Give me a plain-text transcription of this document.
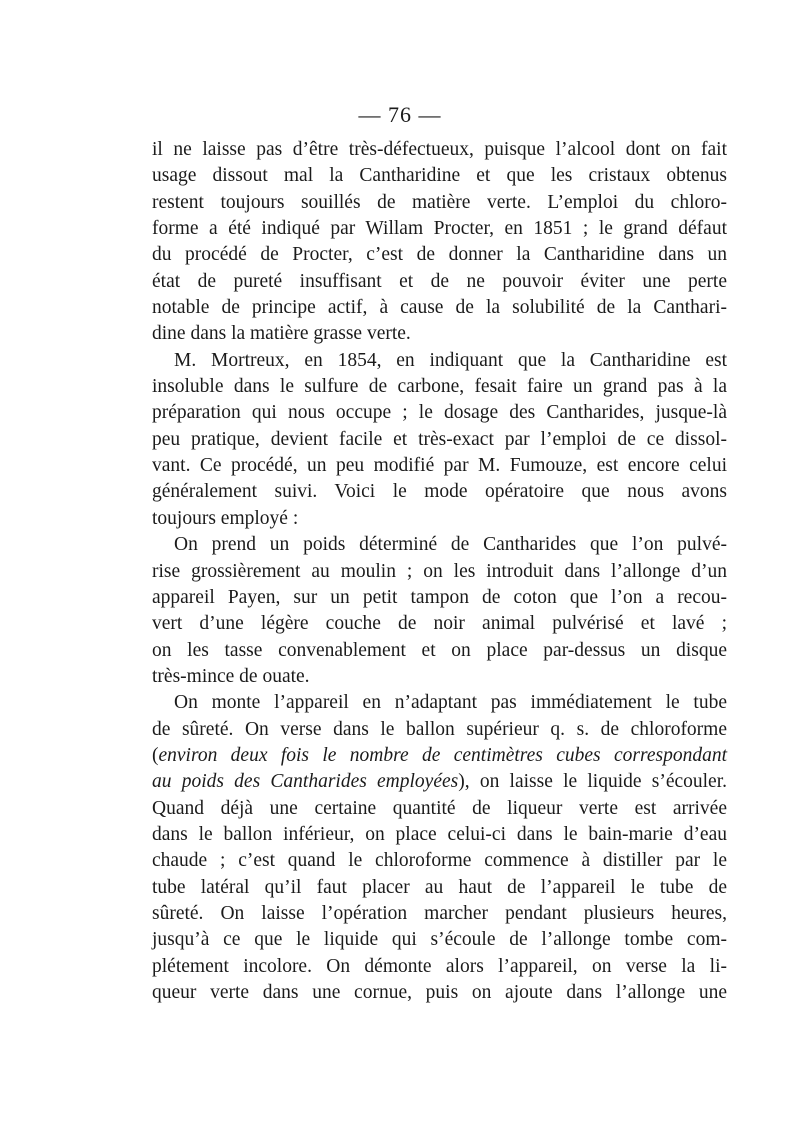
— 76 —
il ne laisse pas d’être très-défectueux, puisque l’alcool dont on fait
usage dissout mal la Cantharidine et que les cristaux obtenus
restent toujours souillés de matière verte. L’emploi du chloro-
forme a été indiqué par Willam Procter, en 1851 ; le grand défaut
du procédé de Procter, c’est de donner la Cantharidine dans un
état de pureté insuffisant et de ne pouvoir éviter une perte
notable de principe actif, à cause de la solubilité de la Canthari-
dine dans la matière grasse verte.
M. Mortreux, en 1854, en indiquant que la Cantharidine est
insoluble dans le sulfure de carbone, fesait faire un grand pas à la
préparation qui nous occupe ; le dosage des Cantharides, jusque-là
peu pratique, devient facile et très-exact par l’emploi de ce dissol-
vant. Ce procédé, un peu modifié par M. Fumouze, est encore celui
généralement suivi. Voici le mode opératoire que nous avons
toujours employé :
On prend un poids déterminé de Cantharides que l’on pulvé-
rise grossièrement au moulin ; on les introduit dans l’allonge d’un
appareil Payen, sur un petit tampon de coton que l’on a recou-
vert d’une légère couche de noir animal pulvérisé et lavé ;
on les tasse convenablement et on place par-dessus un disque
très-mince de ouate.
On monte l’appareil en n’adaptant pas immédiatement le tube
de sûreté. On verse dans le ballon supérieur q. s. de chloroforme
(environ deux fois le nombre de centimètres cubes correspondant
au poids des Cantharides employées), on laisse le liquide s’écouler.
Quand déjà une certaine quantité de liqueur verte est arrivée
dans le ballon inférieur, on place celui-ci dans le bain-marie d’eau
chaude ; c’est quand le chloroforme commence à distiller par le
tube latéral qu’il faut placer au haut de l’appareil le tube de
sûreté. On laisse l’opération marcher pendant plusieurs heures,
jusqu’à ce que le liquide qui s’écoule de l’allonge tombe com-
plétement incolore. On démonte alors l’appareil, on verse la li-
queur verte dans une cornue, puis on ajoute dans l’allonge une
